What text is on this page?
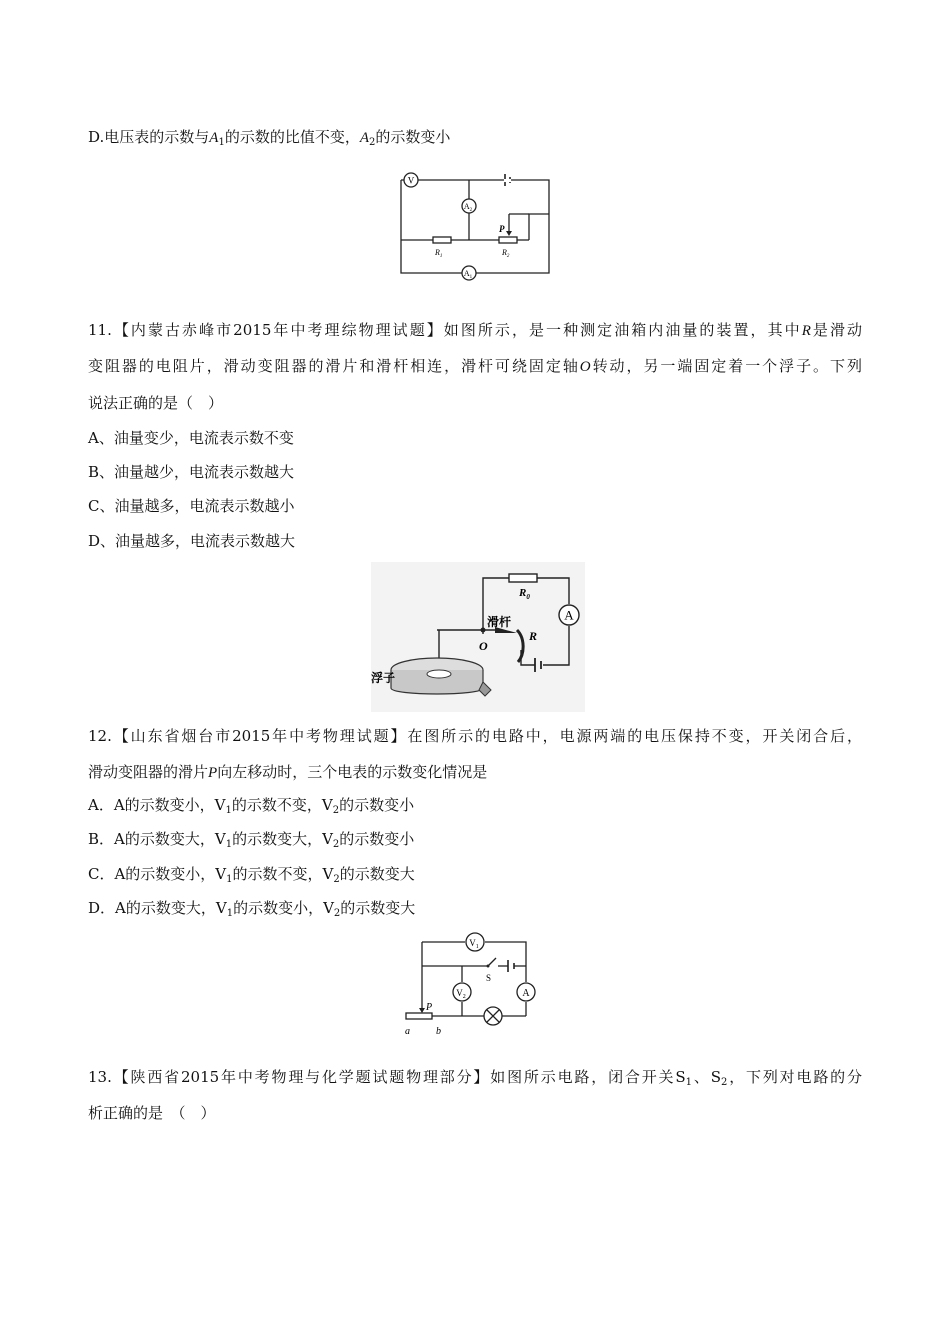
D.电压表的示数与$A_1$的示数的比值不变，$A_2$的示数变小
V
$A_2$
$A_1$
$R_1$	$R_2$
P
11.【内蒙古赤峰市2015年中考理综物理试题】如图所示，是一种测定油箱内油量的装置，其中R是滑动
变阻器的电阻片，滑动变阻器的滑片和滑杆相连，滑杆可绕固定轴O转动，另一端固定着一个浮子。下列
说法正确的是（　）
A、油量变少，电流表示数不变
B、油量越少，电流表示数越大
C、油量越多，电流表示数越小
D、油量越多，电流表示数越大
A
$R_0$
滑杆
R
O
浮子
12.【山东省烟台市2015年中考物理试题】在图所示的电路中，电源两端的电压保持不变，开关闭合后，
滑动变阻器的滑片P向左移动时，三个电表的示数变化情况是
A．A的示数变小，$V_1$的示数不变，$V_2$的示数变小
B．A的示数变大，$V_1$的示数变大，$V_2$的示数变小
C．A的示数变小，$V_1$的示数不变，$V_2$的示数变大
D．A的示数变大，$V_1$的示数变小，$V_2$的示数变大
$V_1$
$V_2$	A
S
P
a	b
13.【陕西省2015年中考物理与化学题试题物理部分】如图所示电路，闭合开关$S_1$、$S_2$，下列对电路的分
析正确的是　（　）
